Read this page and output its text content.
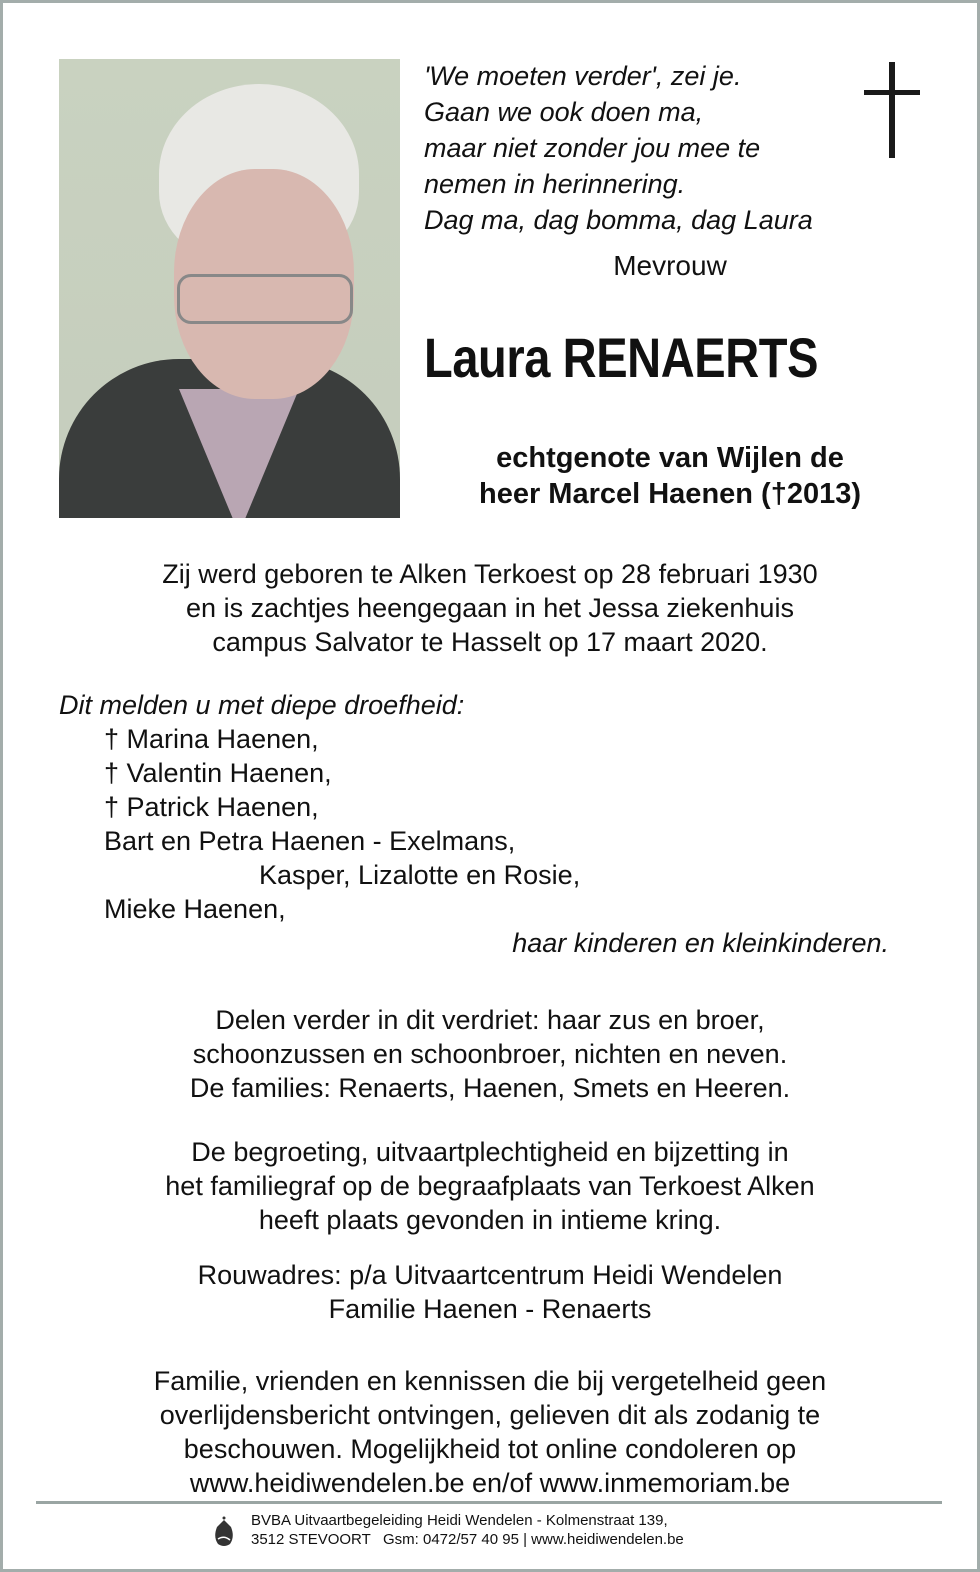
'We moeten verder', zei je.
Gaan we ook doen ma,
maar niet zonder jou mee te
nemen in herinnering.
Dag ma, dag bomma, dag Laura
Mevrouw
Laura RENAERTS
echtgenote van Wijlen de
heer Marcel Haenen (†2013)
Zij werd geboren te Alken Terkoest op 28 februari 1930
en is zachtjes heengegaan in het Jessa ziekenhuis
campus Salvator te Hasselt op 17 maart 2020.
Dit melden u met diepe droefheid:
† Marina Haenen,
† Valentin Haenen,
† Patrick Haenen,
Bart en Petra Haenen - Exelmans,
Kasper, Lizalotte en Rosie,
Mieke Haenen,
haar kinderen en kleinkinderen.
Delen verder in dit verdriet: haar zus en broer,
schoonzussen en schoonbroer, nichten en neven.
De families: Renaerts, Haenen, Smets en Heeren.
De begroeting, uitvaartplechtigheid en bijzetting in
het familiegraf op de begraafplaats van Terkoest Alken
heeft plaats gevonden in intieme kring.
Rouwadres: p/a Uitvaartcentrum Heidi Wendelen
Familie Haenen - Renaerts
Familie, vrienden en kennissen die bij vergetelheid geen
overlijdensbericht ontvingen, gelieven dit als zodanig te
beschouwen. Mogelijkheid tot online condoleren op
www.heidiwendelen.be en/of www.inmemoriam.be
BVBA Uitvaartbegeleiding Heidi Wendelen - Kolmenstraat 139,
3512 STEVOORT   Gsm: 0472/57 40 95 | www.heidiwendelen.be
